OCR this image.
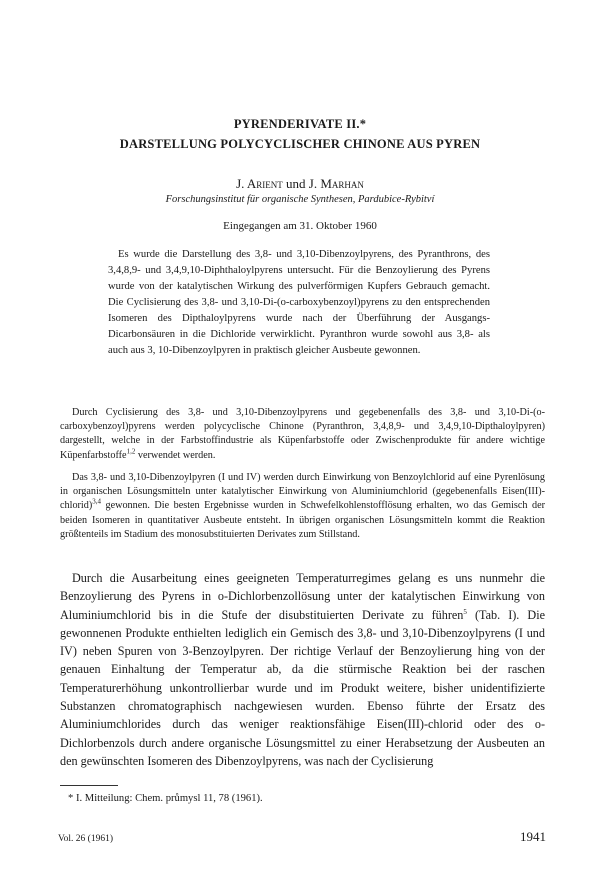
PYRENDERIVATE II.*
DARSTELLUNG POLYCYCLISCHER CHINONE AUS PYREN
J. Arient und J. Marhan
Forschungsinstitut für organische Synthesen, Pardubice-Rybitví
Eingegangen am 31. Oktober 1960

Es wurde die Darstellung des 3,8- und 3,10-Dibenzoylpyrens, des Pyranthrons, des 3,4,8,9- und 3,4,9,10-Diphthaloylpyrens untersucht. Für die Benzoylierung des Pyrens wurde von der katalytischen Wirkung des pulverförmigen Kupfers Gebrauch gemacht. Die Cyclisierung des 3,8- und 3,10-Di-(o-carboxybenzoyl)pyrens zu den entsprechenden Isomeren des Dipthaloylpyrens wurde nach der Überführung der Ausgangs-Dicarbonsäuren in die Dichloride verwirklicht. Pyranthron wurde sowohl aus 3,8- als auch aus 3, 10-Dibenzoylpyren in praktisch gleicher Ausbeute gewonnen.

Durch Cyclisierung des 3,8- und 3,10-Dibenzoylpyrens und gegebenenfalls des 3,8- und 3,10-Di-(o-carboxybenzoyl)pyrens werden polycyclische Chinone (Pyranthron, 3,4,8,9- und 3,4,9,10-Dipthaloylpyren) dargestellt, welche in der Farbstoffindustrie als Küpenfarbstoffe oder Zwischenprodukte für andere wichtige Küpenfarbstoffe$^{1,2}$ verwendet werden.

Das 3,8- und 3,10-Dibenzoylpyren (I und IV) werden durch Einwirkung von Benzoylchlorid auf eine Pyrenlösung in organischen Lösungsmitteln unter katalytischer Einwirkung von Aluminiumchlorid (gegebenenfalls Eisen(III)-chlorid)$^{3,4}$ gewonnen. Die besten Ergebnisse wurden in Schwefelkohlenstofflösung erhalten, wo das Gemisch der beiden Isomeren in quantitativer Ausbeute entsteht. In übrigen organischen Lösungsmitteln kommt die Reaktion größtenteils im Stadium des monosubstituierten Derivates zum Stillstand.

Durch die Ausarbeitung eines geeigneten Temperaturregimes gelang es uns nunmehr die Benzoylierung des Pyrens in o-Dichlorbenzollösung unter der katalytischen Einwirkung von Aluminiumchlorid bis in die Stufe der disubstituierten Derivate zu führen$^5$ (Tab. I). Die gewonnenen Produkte enthielten lediglich ein Gemisch des 3,8- und 3,10-Dibenzoylpyrens (I und IV) neben Spuren von 3-Benzoylpyren. Der richtige Verlauf der Benzoylierung hing von der genauen Einhaltung der Temperatur ab, da die stürmische Reaktion bei der raschen Temperaturerhöhung unkontrollierbar wurde und im Produkt weitere, bisher unidentifizierte Substanzen chromatographisch nachgewiesen wurden. Ebenso führte der Ersatz des Aluminiumchlorides durch das weniger reaktionsfähige Eisen(III)-chlorid oder des o-Dichlorbenzols durch andere organische Lösungsmittel zu einer Herabsetzung der Ausbeuten an den gewünschten Isomeren des Dibenzoylpyrens, was nach der Cyclisierung

* I. Mitteilung: Chem. průmysl 11, 78 (1961).
Vol. 26 (1961)	1941
